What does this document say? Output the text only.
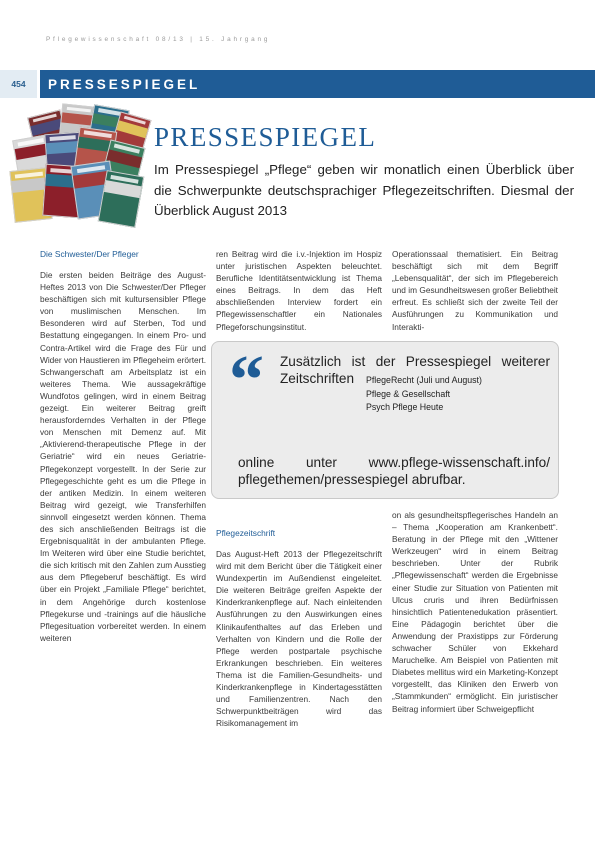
Pflegewissenschaft 08/13 | 15. Jahrgang
454	PRESSESPIEGEL
PRESSESPIEGEL
Im Pressespiegel „Pflege“ geben wir monatlich einen Überblick über die Schwerpunkte deutschsprachiger Pflegezeitschriften. Diesmal der Überblick August 2013
Die Schwester/Der Pfleger

Die ersten beiden Beiträge des August-Heftes 2013 von Die Schwester/Der Pfleger beschäftigen sich mit kultursensibler Pflege von muslimischen Menschen. Im Besonderen wird auf Sterben, Tod und Bestattung eingegangen. In einem Pro- und Contra-Artikel wird die Frage des Für und Wider von Haustieren im Pflegeheim erörtert. Schwangerschaft am Arbeitsplatz ist ein weiteres Thema. Wie aussagekräftige Wundfotos gelingen, wird in einem Beitrag gezeigt. Ein weiterer Beitrag greift herausforderndes Verhalten in der Pflege von Menschen mit Demenz auf. Mit „Aktivierend-therapeutische Pflege in der Geriatrie“ wird ein neues Geriatrie-Pflegekonzept vorgestellt. In der Serie zur Pflegegeschichte geht es um die Pflege in der antiken Medizin. In einem weiteren Beitrag wird gezeigt, wie Transferhilfen sinnvoll eingesetzt werden können. Thema des sich anschließenden Beitrags ist die Ergebnisqualität in der ambulanten Pflege. Im Weiteren wird über eine Studie berichtet, die sich kritisch mit den Zahlen zum Ausstieg aus dem Pflegeberuf beschäftigt. Es wird über ein Projekt „Familiale Pflege“ berichtet, in dem Angehörige durch kostenlose Pflegekurse und -trainings auf die häusliche Pflegesituation vorbereitet werden. In einem weiteren

ren Beitrag wird die i.v.-Injektion im Hospiz unter juristischen Aspekten beleuchtet. Berufliche Identitätsentwicklung ist Thema eines Beitrags. In dem das Heft abschließenden Interview fordert ein Pflegewissenschaftler ein Nationales Pflegeforschungsinstitut.

Operationssaal thematisiert. Ein Beitrag beschäftigt sich mit dem Begriff „Lebensqualität“, der sich im Pflegebereich und im Gesundheitswesen großer Beliebtheit erfreut. Es schließt sich der zweite Teil der Ausführungen zu Kommunikation und Interakti-

“ Zusätzlich ist der Pressespiegel weiterer
Zeitschriften	PflegeRecht (Juli und August)
Pflege & Gesellschaft
Psych Pflege Heute
online unter www.pflege-wissenschaft.info/
pflegethemen/pressespiegel abrufbar.
Pflegezeitschrift

Das August-Heft 2013 der Pflegezeitschrift wird mit dem Bericht über die Tätigkeit einer Wundexpertin im Außendienst eingeleitet. Die weiteren Beiträge greifen Aspekte der Kinderkrankenpflege auf. Nach einleitenden Ausführungen zu den Auswirkungen eines Klinikaufenthaltes auf das Erleben und Verhalten von Kindern und die Rolle der Pflege werden postpartale psychische Erkrankungen beschrieben. Ein weiteres Thema ist die Familien-Gesundheits- und Kinderkrankenpflege in Kindertagesstätten und Familienzentren. Nach den Schwerpunktbeiträgen wird das Risikomanagement im

on als gesundheitspflegerisches Handeln an – Thema „Kooperation am Krankenbett“. Beratung in der Pflege mit den „Wittener Werkzeugen“ wird in einem Beitrag beschrieben. Unter der Rubrik „Pflegewissenschaft“ werden die Ergebnisse einer Studie zur Situation von Patienten mit Ulcus cruris und ihren Bedürfnissen hinsichtlich Patientenedukation präsentiert. Eine Pädagogin berichtet über die Anwendung der Praxistipps zur Förderung schwacher Schüler von Ekkehard Maruchelke. Am Beispiel von Patienten mit Diabetes mellitus wird ein Marketing-Konzept vorgestellt, das Kliniken den Erwerb von „Stammkunden“ ermöglicht. Ein juristischer Beitrag informiert über Schweigepflicht
